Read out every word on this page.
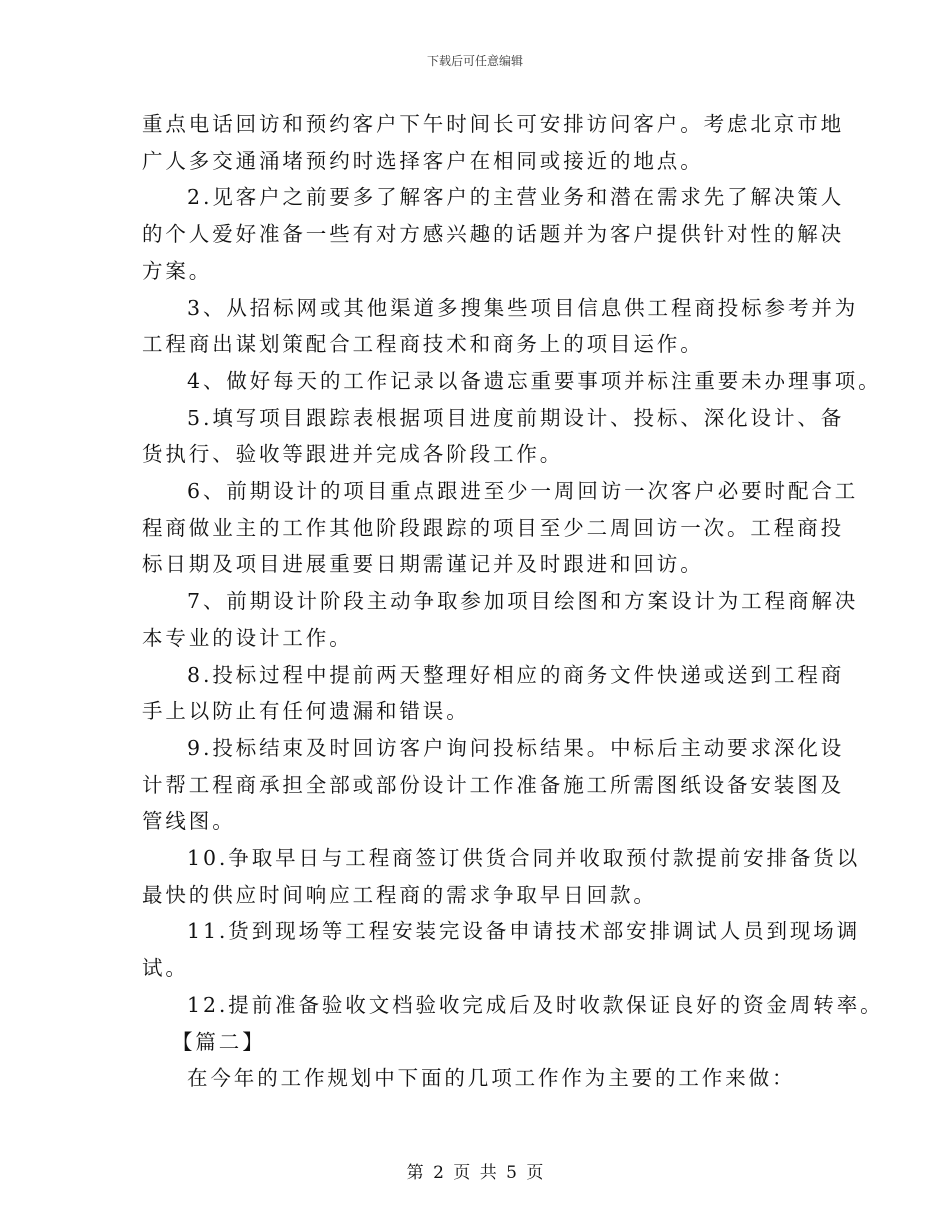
下载后可任意编辑
重点电话回访和预约客户下午时间长可安排访问客户。考虑北京市地
广人多交通涌堵预约时选择客户在相同或接近的地点。
2.见客户之前要多了解客户的主营业务和潜在需求先了解决策人
的个人爱好准备一些有对方感兴趣的话题并为客户提供针对性的解决
方案。
3、从招标网或其他渠道多搜集些项目信息供工程商投标参考并为
工程商出谋划策配合工程商技术和商务上的项目运作。
4、做好每天的工作记录以备遗忘重要事项并标注重要未办理事项。
5.填写项目跟踪表根据项目进度前期设计、投标、深化设计、备
货执行、验收等跟进并完成各阶段工作。
6、前期设计的项目重点跟进至少一周回访一次客户必要时配合工
程商做业主的工作其他阶段跟踪的项目至少二周回访一次。工程商投
标日期及项目进展重要日期需谨记并及时跟进和回访。
7、前期设计阶段主动争取参加项目绘图和方案设计为工程商解决
本专业的设计工作。
8.投标过程中提前两天整理好相应的商务文件快递或送到工程商
手上以防止有任何遗漏和错误。
9.投标结束及时回访客户询问投标结果。中标后主动要求深化设
计帮工程商承担全部或部份设计工作准备施工所需图纸设备安装图及
管线图。
10.争取早日与工程商签订供货合同并收取预付款提前安排备货以
最快的供应时间响应工程商的需求争取早日回款。
11.货到现场等工程安装完设备申请技术部安排调试人员到现场调
试。
12.提前准备验收文档验收完成后及时收款保证良好的资金周转率。
【篇二】
在今年的工作规划中下面的几项工作作为主要的工作来做：
第 2 页 共 5 页
